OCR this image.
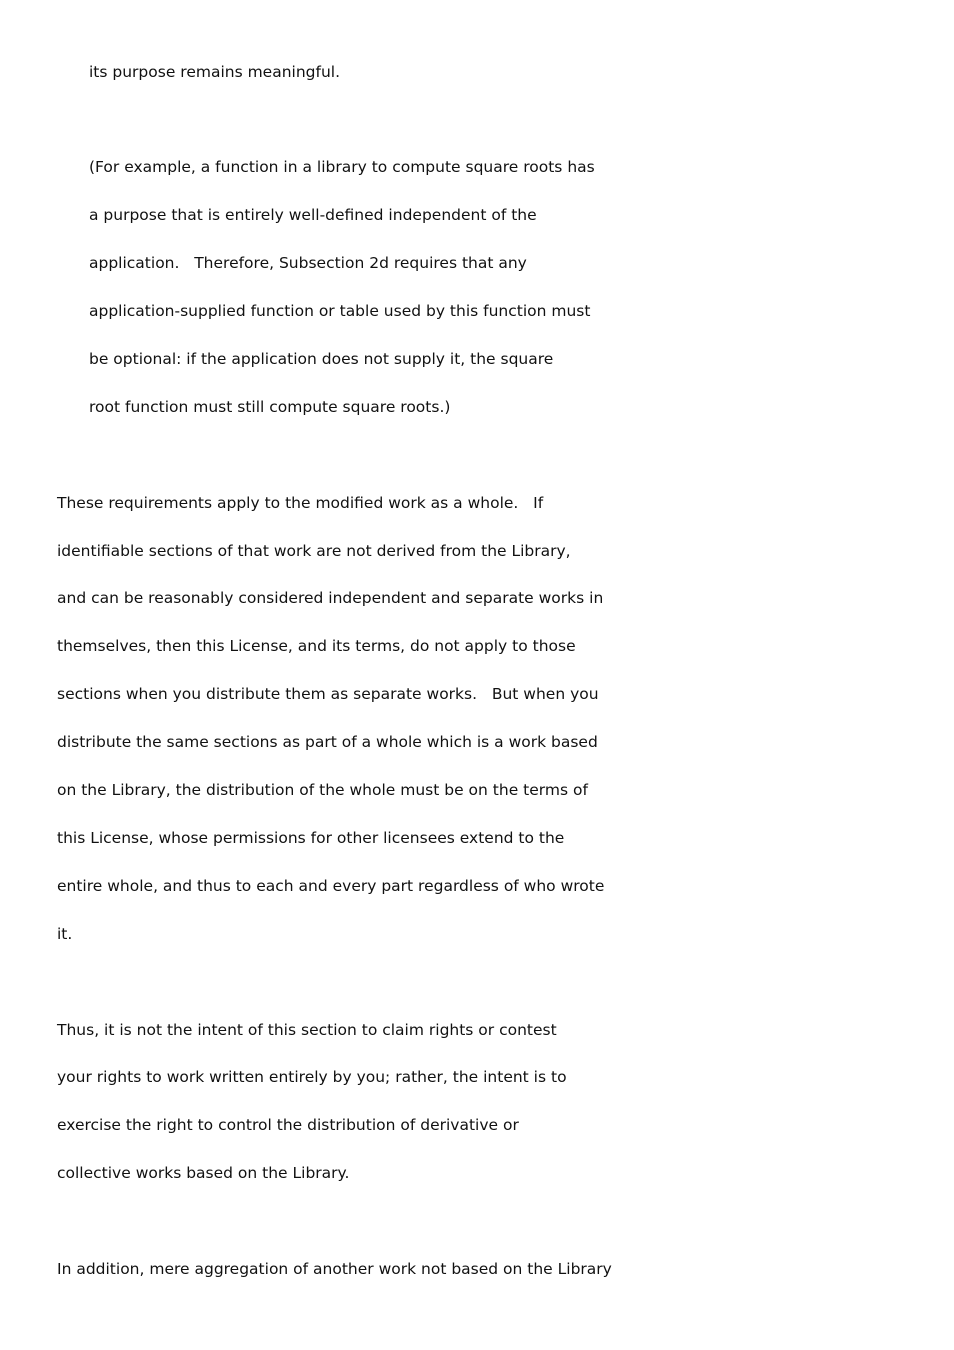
its purpose remains meaningful.
(For example, a function in a library to compute square roots has
a purpose that is entirely well-defined independent of the
application.   Therefore, Subsection 2d requires that any
application-supplied function or table used by this function must
be optional: if the application does not supply it, the square
root function must still compute square roots.)
These requirements apply to the modified work as a whole.   If
identifiable sections of that work are not derived from the Library,
and can be reasonably considered independent and separate works in
themselves, then this License, and its terms, do not apply to those
sections when you distribute them as separate works.   But when you
distribute the same sections as part of a whole which is a work based
on the Library, the distribution of the whole must be on the terms of
this License, whose permissions for other licensees extend to the
entire whole, and thus to each and every part regardless of who wrote
it.
Thus, it is not the intent of this section to claim rights or contest
your rights to work written entirely by you; rather, the intent is to
exercise the right to control the distribution of derivative or
collective works based on the Library.
In addition, mere aggregation of another work not based on the Library
